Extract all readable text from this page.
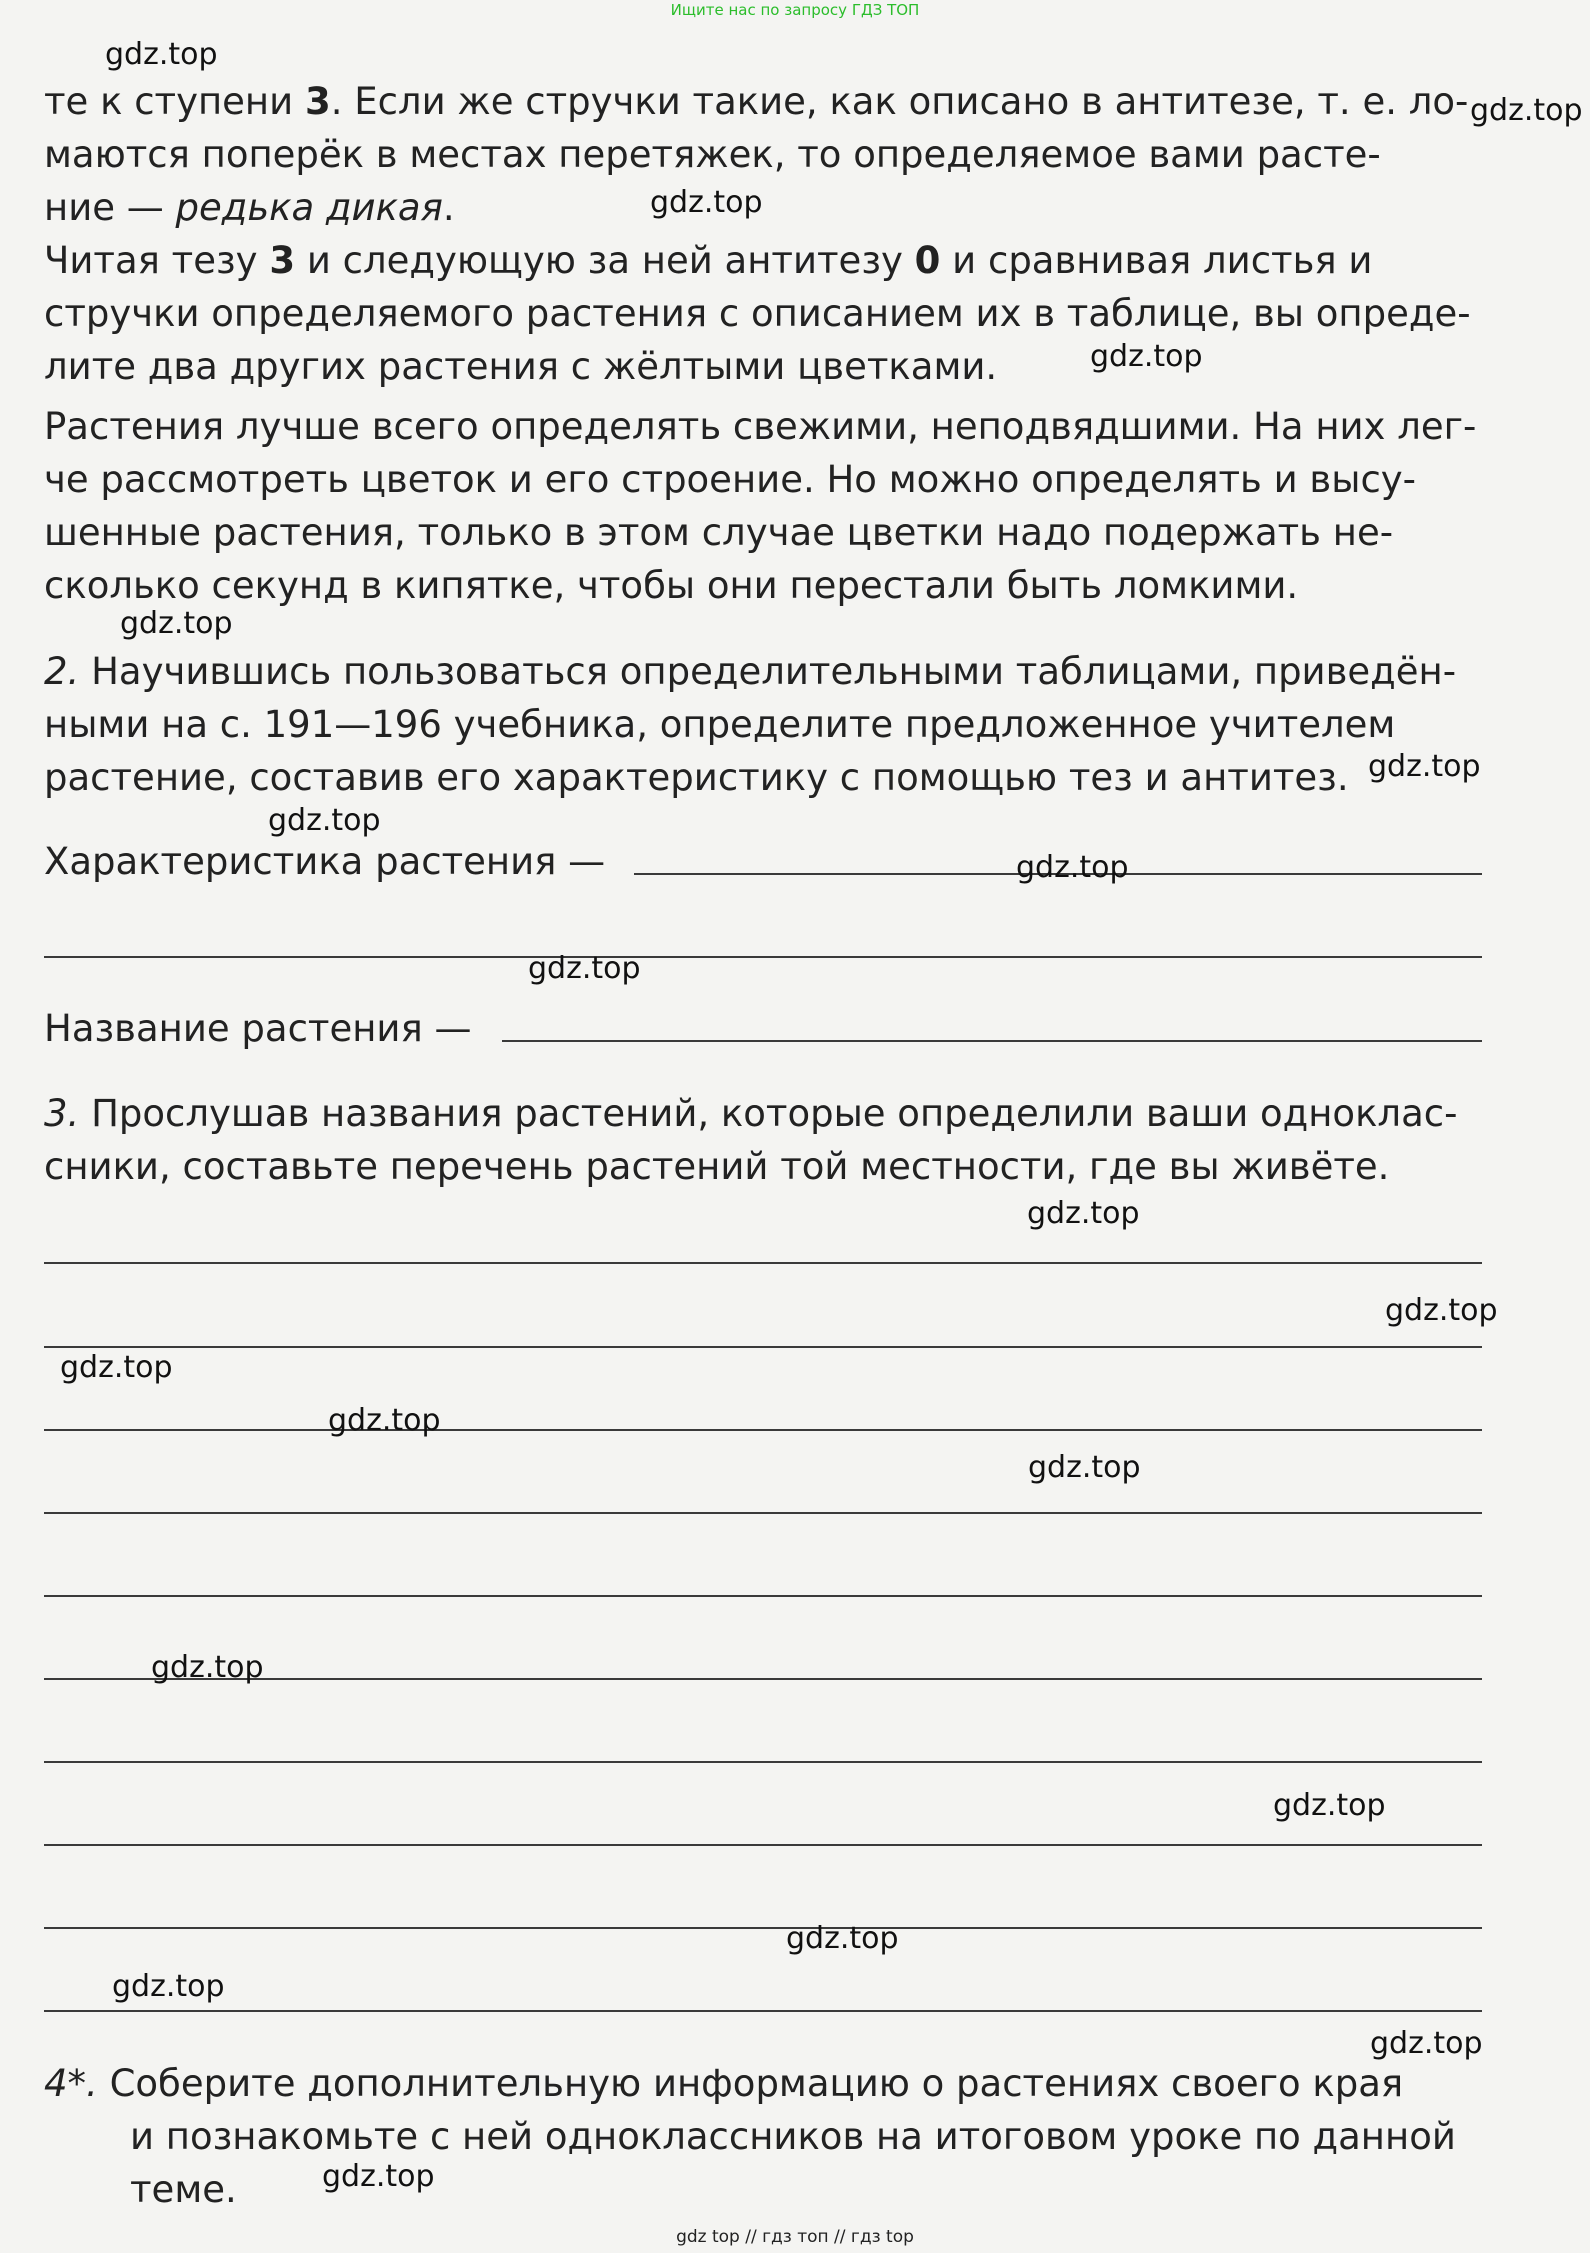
Ищите нас по запросу ГДЗ ТОП
те к ступени 3. Если же стручки такие, как описано в антитезе, т. е. ло-
маются поперёк в местах перетяжек, то определяемое вами расте-
ние — редька дикая.
Читая тезу 3 и следующую за ней антитезу 0 и сравнивая листья и
стручки определяемого растения с описанием их в таблице, вы опреде-
лите два других растения с жёлтыми цветками.
Растения лучше всего определять свежими, неподвядшими. На них лег-
че рассмотреть цветок и его строение. Но можно определять и высу-
шенные растения, только в этом случае цветки надо подержать не-
сколько секунд в кипятке, чтобы они перестали быть ломкими.
2. Научившись пользоваться определительными таблицами, приведён-
ными на с. 191—196 учебника, определите предложенное учителем
растение, составив его характеристику с помощью тез и антитез.
Характеристика растения —
Название растения —
3. Прослушав названия растений, которые определили ваши одноклас-
сники, составьте перечень растений той местности, где вы живёте.
4*. Соберите дополнительную информацию о растениях своего края
и познакомьте с ней одноклассников на итоговом уроке по данной
теме.
gdz.top
gdz.top
gdz.top
gdz.top
gdz.top
gdz.top
gdz.top
gdz.top
gdz.top
gdz.top
gdz.top
gdz.top
gdz.top
gdz.top
gdz.top
gdz.top
gdz.top
gdz.top
gdz.top
gdz.top
gdz top // гдз топ // гдз top
